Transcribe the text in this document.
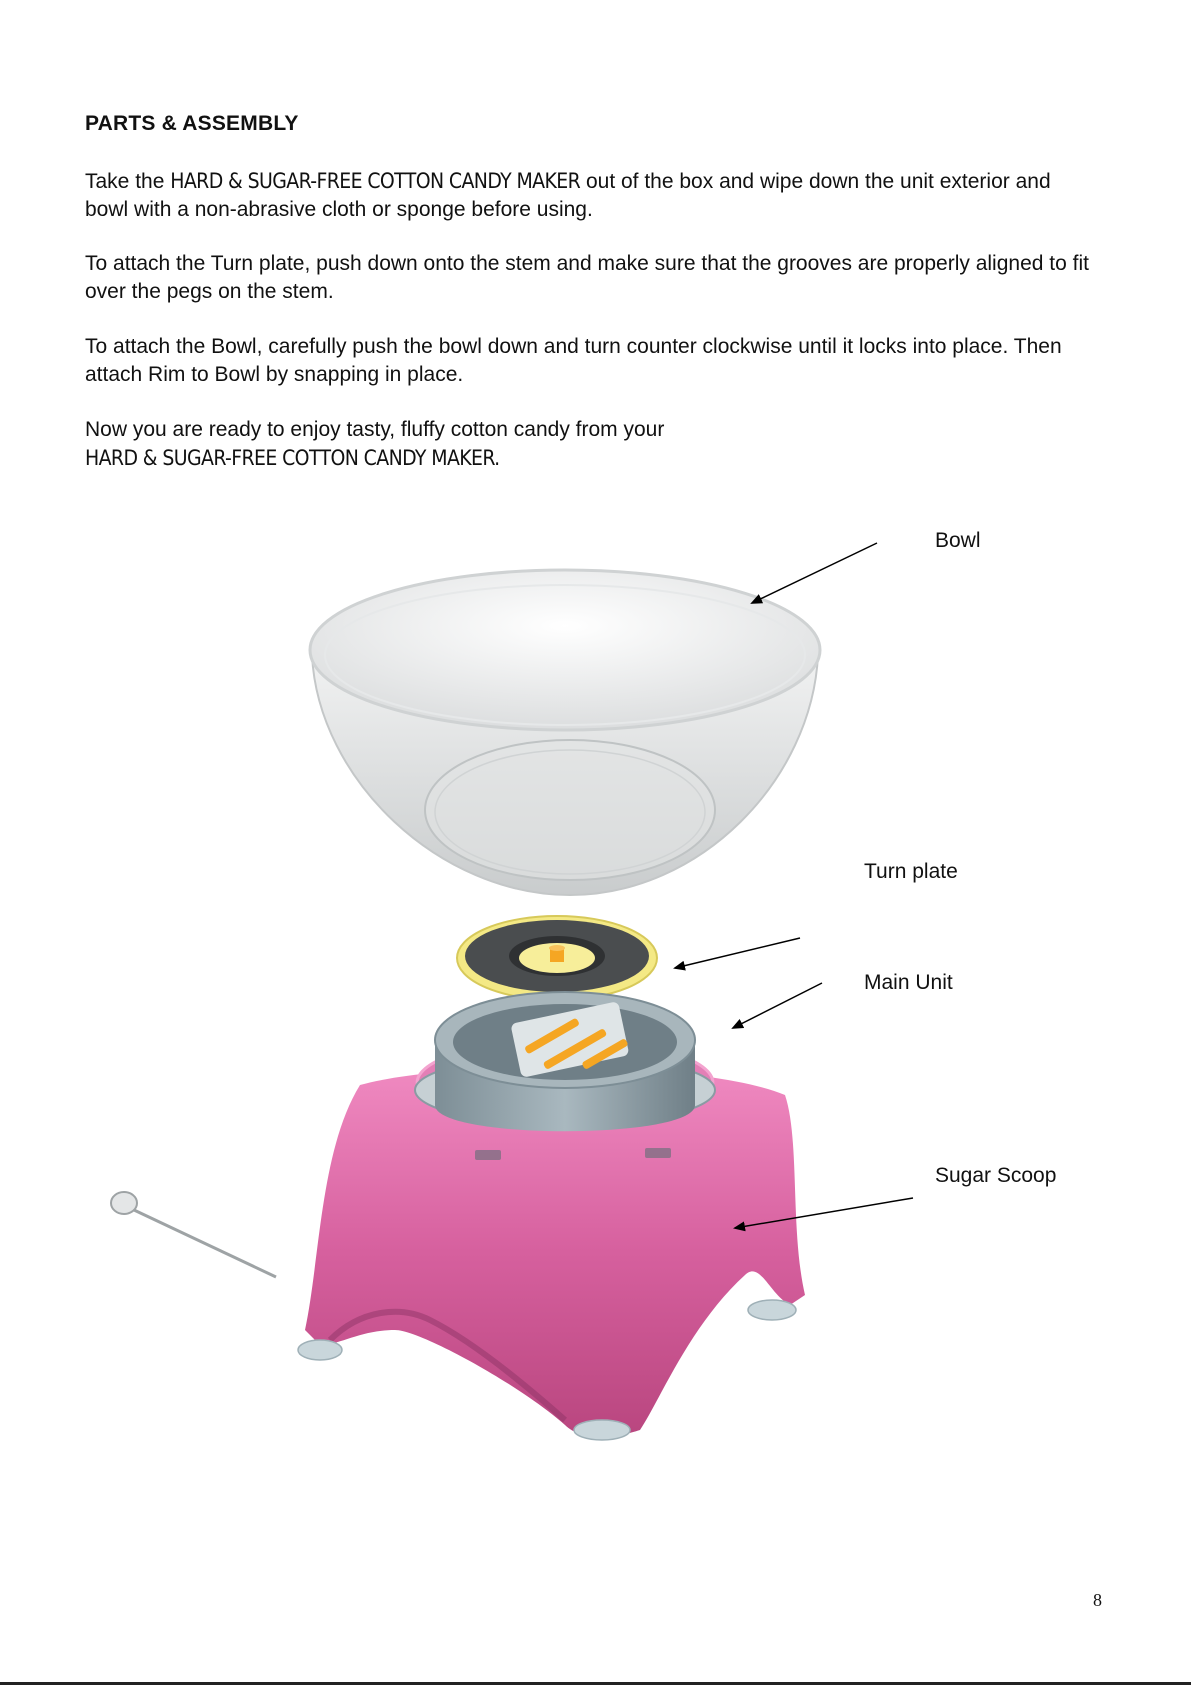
PARTS & ASSEMBLY
Take the HARD & SUGAR-FREE COTTON CANDY MAKER out of the box and wipe down the unit exterior and bowl with a non-abrasive cloth or sponge before using.
To attach the Turn plate, push down onto the stem and make sure that the grooves are properly aligned to fit over the pegs on the stem.
To attach the Bowl, carefully push the bowl down and turn counter clockwise until it locks into place. Then attach Rim to Bowl by snapping in place.
Now you are ready to enjoy tasty, fluffy cotton candy from your
HARD & SUGAR-FREE COTTON CANDY MAKER.
Bowl
Turn plate
Main Unit
Sugar Scoop
8
